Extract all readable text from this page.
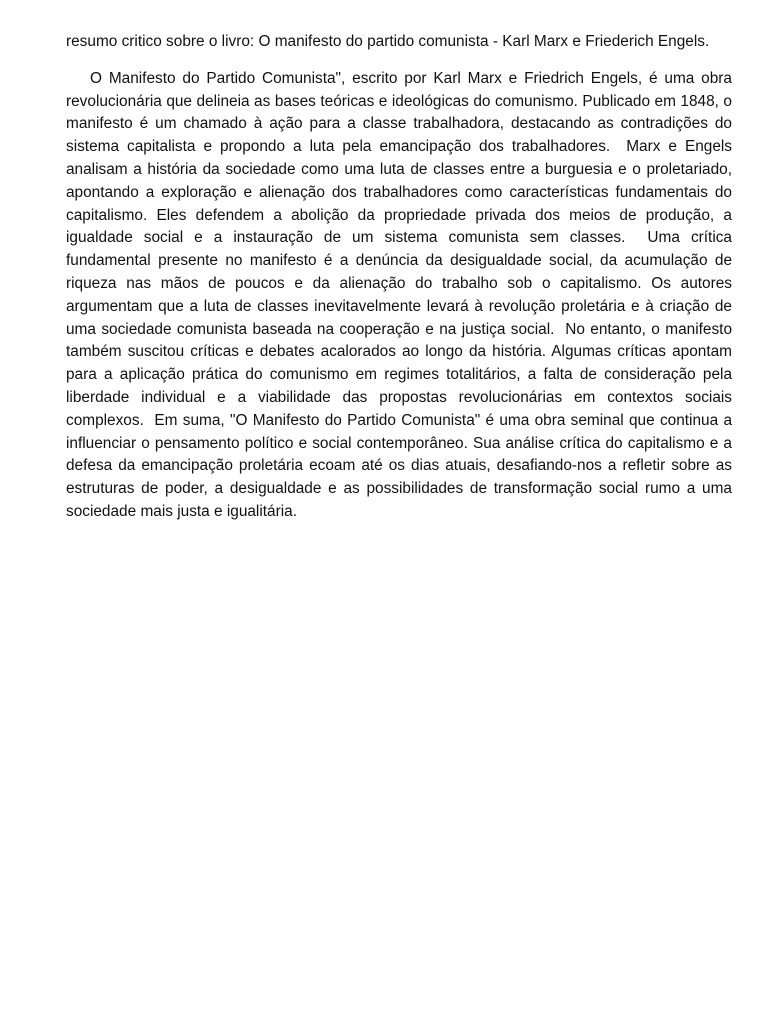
resumo critico sobre o livro: O manifesto do partido comunista - Karl Marx e Friederich Engels.

O Manifesto do Partido Comunista", escrito por Karl Marx e Friedrich Engels, é uma obra revolucionária que delineia as bases teóricas e ideológicas do comunismo. Publicado em 1848, o manifesto é um chamado à ação para a classe trabalhadora, destacando as contradições do sistema capitalista e propondo a luta pela emancipação dos trabalhadores.  Marx e Engels analisam a história da sociedade como uma luta de classes entre a burguesia e o proletariado, apontando a exploração e alienação dos trabalhadores como características fundamentais do capitalismo. Eles defendem a abolição da propriedade privada dos meios de produção, a igualdade social e a instauração de um sistema comunista sem classes.  Uma crítica fundamental presente no manifesto é a denúncia da desigualdade social, da acumulação de riqueza nas mãos de poucos e da alienação do trabalho sob o capitalismo. Os autores argumentam que a luta de classes inevitavelmente levará à revolução proletária e à criação de uma sociedade comunista baseada na cooperação e na justiça social.  No entanto, o manifesto também suscitou críticas e debates acalorados ao longo da história. Algumas críticas apontam para a aplicação prática do comunismo em regimes totalitários, a falta de consideração pela liberdade individual e a viabilidade das propostas revolucionárias em contextos sociais complexos.  Em suma, "O Manifesto do Partido Comunista" é uma obra seminal que continua a influenciar o pensamento político e social contemporâneo. Sua análise crítica do capitalismo e a defesa da emancipação proletária ecoam até os dias atuais, desafiando-nos a refletir sobre as estruturas de poder, a desigualdade e as possibilidades de transformação social rumo a uma sociedade mais justa e igualitária.
